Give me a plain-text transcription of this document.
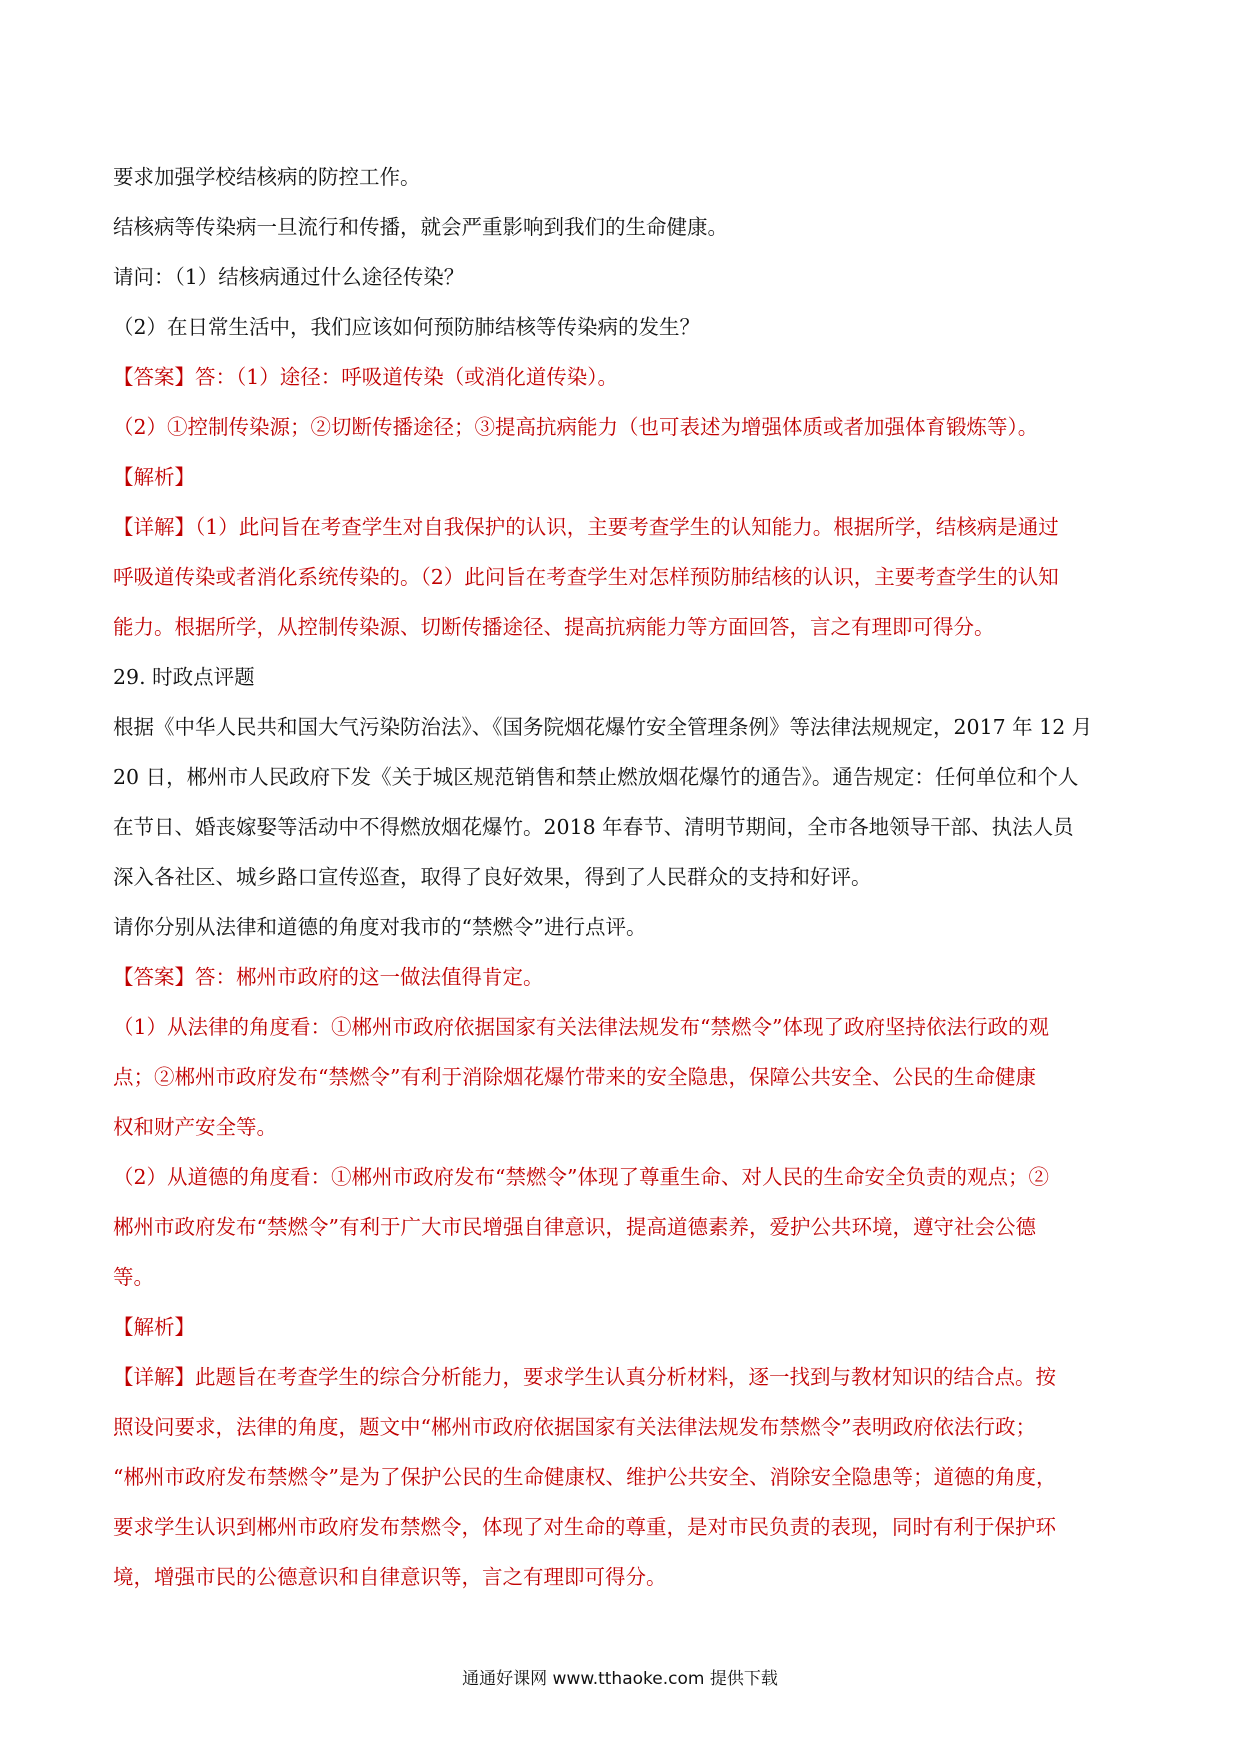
要求加强学校结核病的防控工作。

结核病等传染病一旦流行和传播，就会严重影响到我们的生命健康。

请问：（1）结核病通过什么途径传染？

（2）在日常生活中，我们应该如何预防肺结核等传染病的发生？

【答案】答：（1）途径：呼吸道传染（或消化道传染）。

（2）①控制传染源；②切断传播途径；③提高抗病能力（也可表述为增强体质或者加强体育锻炼等）。

【解析】

【详解】（1）此问旨在考查学生对自我保护的认识，主要考查学生的认知能力。根据所学，结核病是通过

呼吸道传染或者消化系统传染的。（2）此问旨在考查学生对怎样预防肺结核的认识，主要考查学生的认知

能力。根据所学，从控制传染源、切断传播途径、提高抗病能力等方面回答，言之有理即可得分。

29. 时政点评题

根据《中华人民共和国大气污染防治法》、《国务院烟花爆竹安全管理条例》等法律法规规定，2017 年 12 月

20 日，郴州市人民政府下发《关于城区规范销售和禁止燃放烟花爆竹的通告》。通告规定：任何单位和个人

在节日、婚丧嫁娶等活动中不得燃放烟花爆竹。2018 年春节、清明节期间，全市各地领导干部、执法人员

深入各社区、城乡路口宣传巡查，取得了良好效果，得到了人民群众的支持和好评。

请你分别从法律和道德的角度对我市的“禁燃令”进行点评。

【答案】答：郴州市政府的这一做法值得肯定。

（1）从法律的角度看：①郴州市政府依据国家有关法律法规发布“禁燃令”体现了政府坚持依法行政的观

点；②郴州市政府发布“禁燃令”有利于消除烟花爆竹带来的安全隐患，保障公共安全、公民的生命健康

权和财产安全等。

（2）从道德的角度看：①郴州市政府发布“禁燃令”体现了尊重生命、对人民的生命安全负责的观点；②

郴州市政府发布“禁燃令”有利于广大市民增强自律意识，提高道德素养，爱护公共环境，遵守社会公德

等。

【解析】

【详解】此题旨在考查学生的综合分析能力，要求学生认真分析材料，逐一找到与教材知识的结合点。按

照设问要求，法律的角度，题文中“郴州市政府依据国家有关法律法规发布禁燃令”表明政府依法行政；

“郴州市政府发布禁燃令”是为了保护公民的生命健康权、维护公共安全、消除安全隐患等；道德的角度，

要求学生认识到郴州市政府发布禁燃令，体现了对生命的尊重，是对市民负责的表现，同时有利于保护环

境，增强市民的公德意识和自律意识等，言之有理即可得分。

通通好课网 www.tthaoke.com 提供下载
